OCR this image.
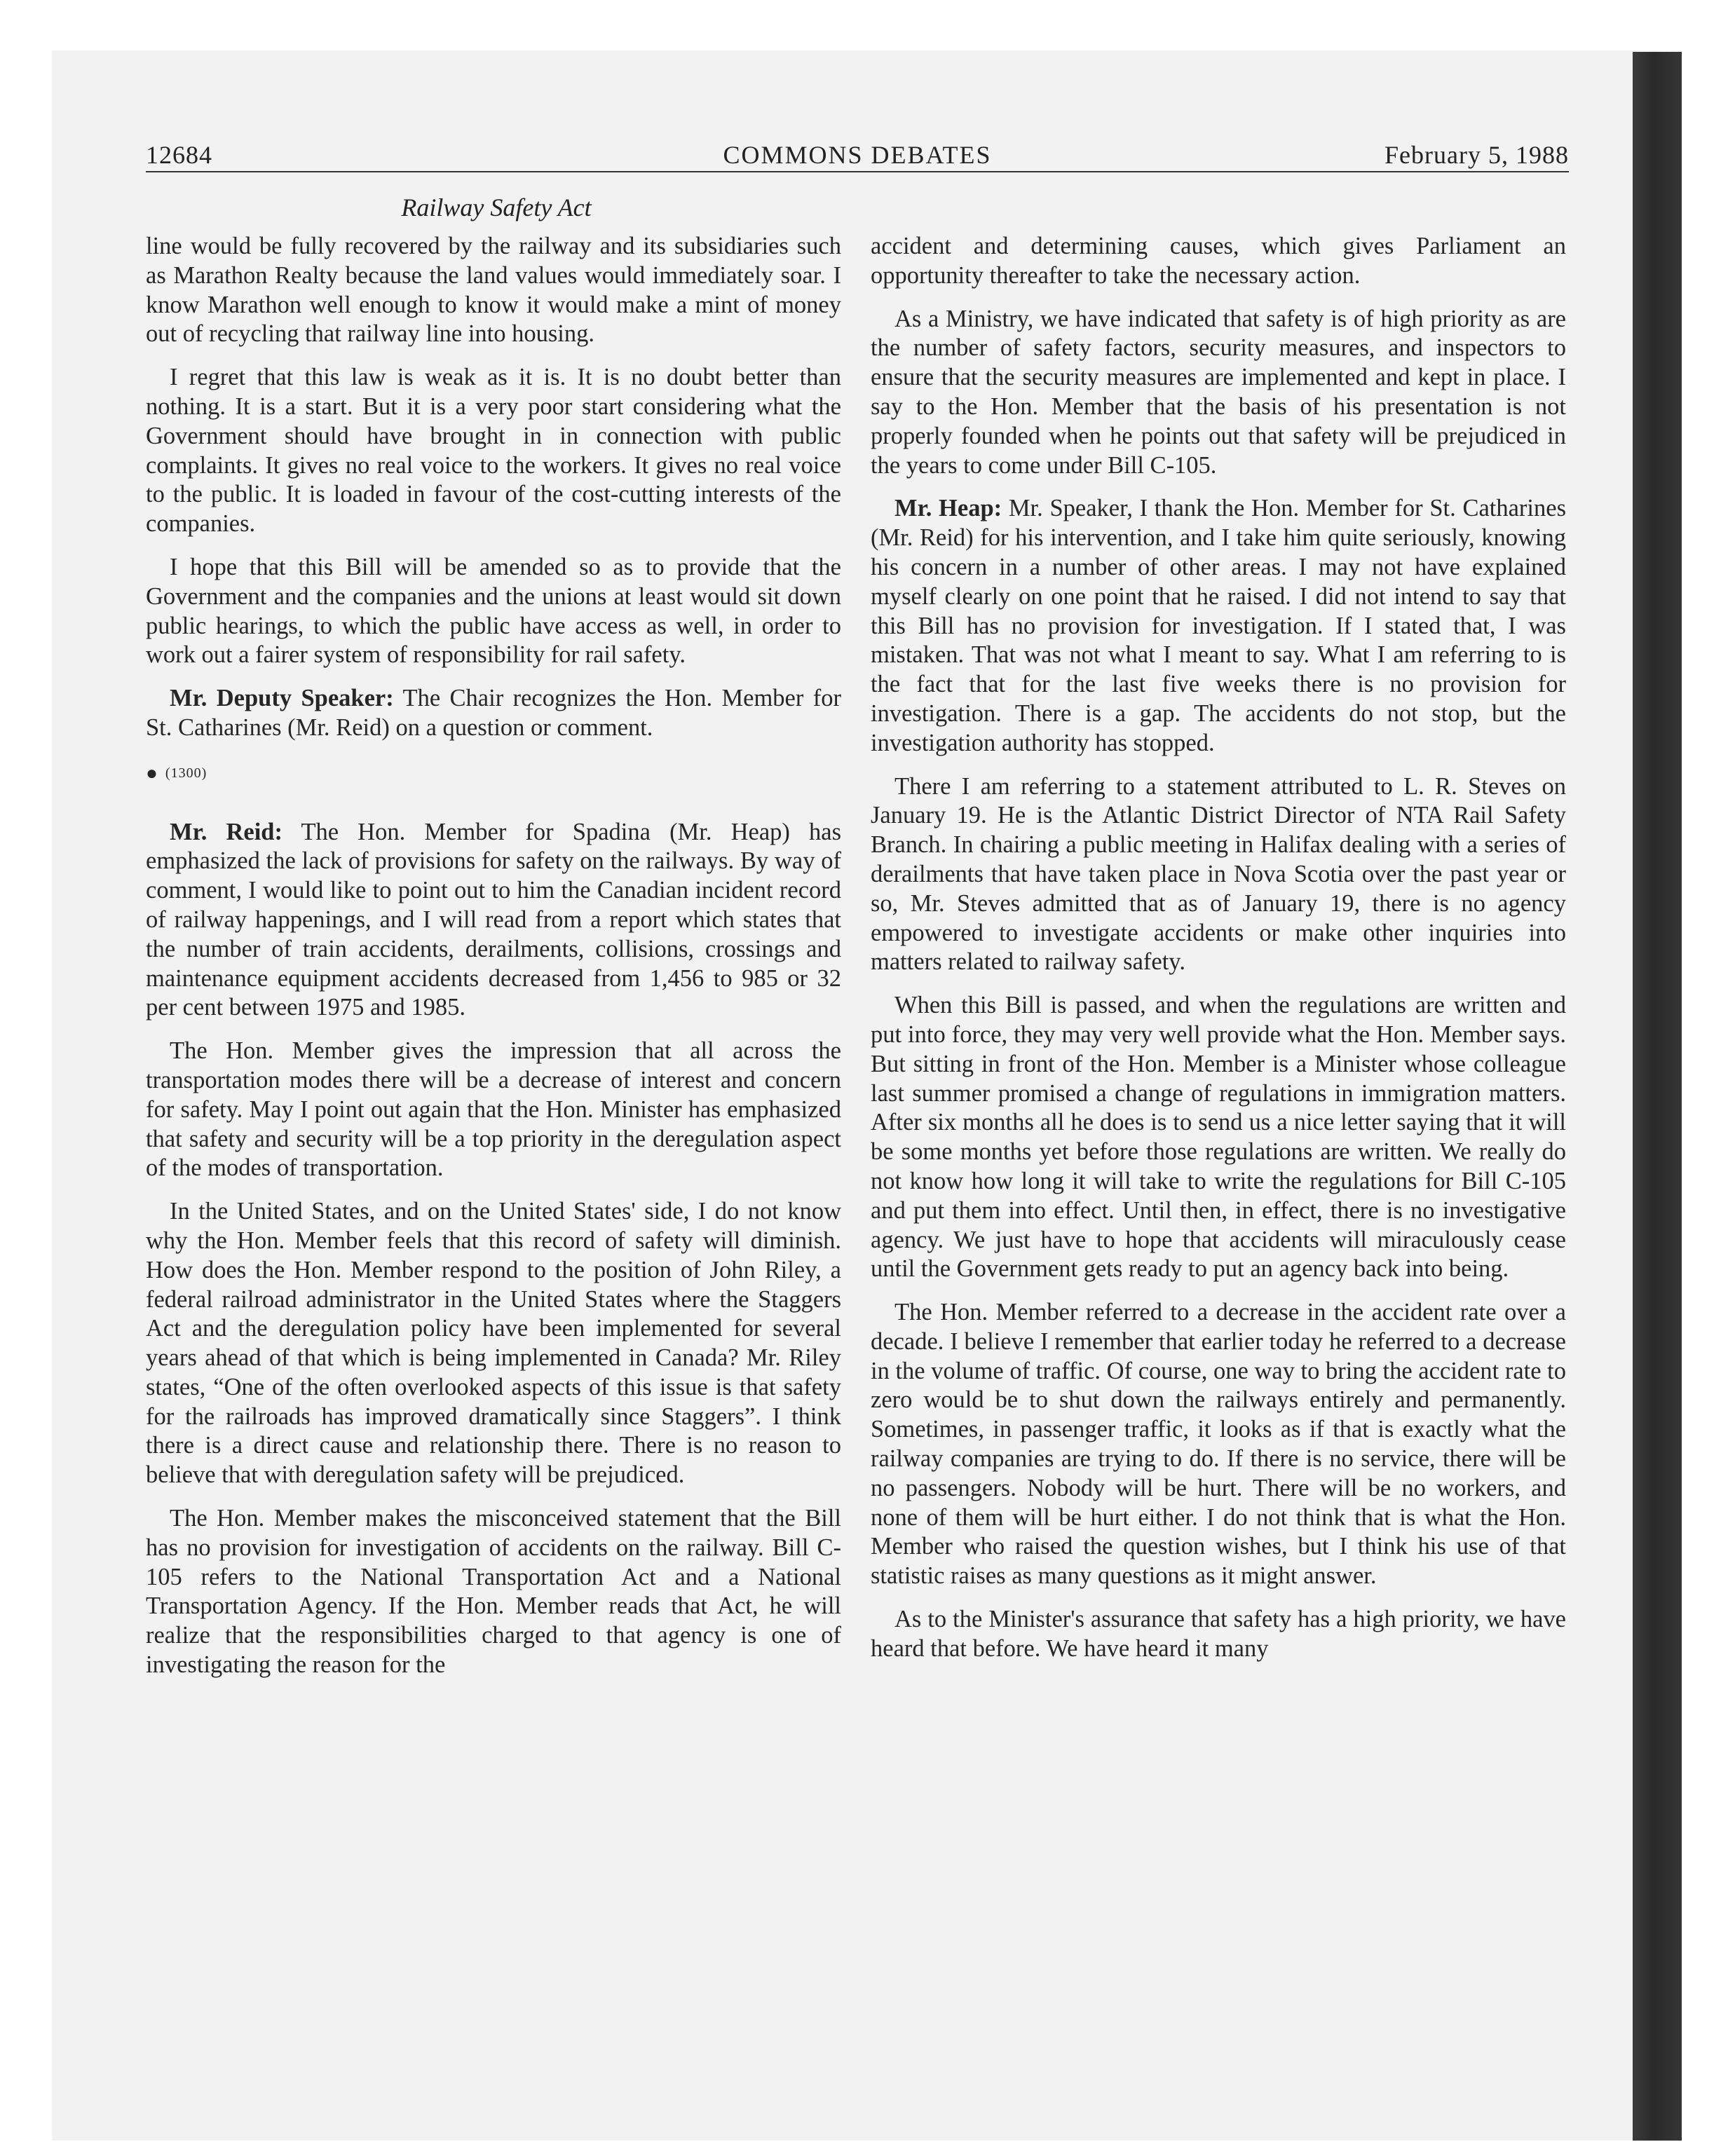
12684	COMMONS DEBATES	February 5, 1988
Railway Safety Act

line would be fully recovered by the railway and its subsidiaries such as Marathon Realty because the land values would immediately soar. I know Marathon well enough to know it would make a mint of money out of recycling that railway line into housing.

I regret that this law is weak as it is. It is no doubt better than nothing. It is a start. But it is a very poor start considering what the Government should have brought in in connection with public complaints. It gives no real voice to the workers. It gives no real voice to the public. It is loaded in favour of the cost-cutting interests of the companies.

I hope that this Bill will be amended so as to provide that the Government and the companies and the unions at least would sit down public hearings, to which the public have access as well, in order to work out a fairer system of responsibility for rail safety.

Mr. Deputy Speaker: The Chair recognizes the Hon. Member for St. Catharines (Mr. Reid) on a question or comment.

● (1300)

Mr. Reid: The Hon. Member for Spadina (Mr. Heap) has emphasized the lack of provisions for safety on the railways. By way of comment, I would like to point out to him the Canadian incident record of railway happenings, and I will read from a report which states that the number of train accidents, derailments, collisions, crossings and maintenance equipment accidents decreased from 1,456 to 985 or 32 per cent between 1975 and 1985.

The Hon. Member gives the impression that all across the transportation modes there will be a decrease of interest and concern for safety. May I point out again that the Hon. Minister has emphasized that safety and security will be a top priority in the deregulation aspect of the modes of transportation.

In the United States, and on the United States' side, I do not know why the Hon. Member feels that this record of safety will diminish. How does the Hon. Member respond to the position of John Riley, a federal railroad administrator in the United States where the Staggers Act and the deregulation policy have been implemented for several years ahead of that which is being implemented in Canada? Mr. Riley states, “One of the often overlooked aspects of this issue is that safety for the railroads has improved dramatically since Staggers”. I think there is a direct cause and relationship there. There is no reason to believe that with deregulation safety will be prejudiced.

The Hon. Member makes the misconceived statement that the Bill has no provision for investigation of accidents on the railway. Bill C-105 refers to the National Transportation Act and a National Transportation Agency. If the Hon. Member reads that Act, he will realize that the responsibilities charged to that agency is one of investigating the reason for the

accident and determining causes, which gives Parliament an opportunity thereafter to take the necessary action.

As a Ministry, we have indicated that safety is of high priority as are the number of safety factors, security measures, and inspectors to ensure that the security measures are implemented and kept in place. I say to the Hon. Member that the basis of his presentation is not properly founded when he points out that safety will be prejudiced in the years to come under Bill C-105.

Mr. Heap: Mr. Speaker, I thank the Hon. Member for St. Catharines (Mr. Reid) for his intervention, and I take him quite seriously, knowing his concern in a number of other areas. I may not have explained myself clearly on one point that he raised. I did not intend to say that this Bill has no provision for investigation. If I stated that, I was mistaken. That was not what I meant to say. What I am referring to is the fact that for the last five weeks there is no provision for investigation. There is a gap. The accidents do not stop, but the investigation authority has stopped.

There I am referring to a statement attributed to L. R. Steves on January 19. He is the Atlantic District Director of NTA Rail Safety Branch. In chairing a public meeting in Halifax dealing with a series of derailments that have taken place in Nova Scotia over the past year or so, Mr. Steves admitted that as of January 19, there is no agency empowered to investigate accidents or make other inquiries into matters related to railway safety.

When this Bill is passed, and when the regulations are written and put into force, they may very well provide what the Hon. Member says. But sitting in front of the Hon. Member is a Minister whose colleague last summer promised a change of regulations in immigration matters. After six months all he does is to send us a nice letter saying that it will be some months yet before those regulations are written. We really do not know how long it will take to write the regulations for Bill C-105 and put them into effect. Until then, in effect, there is no investigative agency. We just have to hope that accidents will miraculously cease until the Government gets ready to put an agency back into being.

The Hon. Member referred to a decrease in the accident rate over a decade. I believe I remember that earlier today he referred to a decrease in the volume of traffic. Of course, one way to bring the accident rate to zero would be to shut down the railways entirely and permanently. Sometimes, in passenger traffic, it looks as if that is exactly what the railway companies are trying to do. If there is no service, there will be no passengers. Nobody will be hurt. There will be no workers, and none of them will be hurt either. I do not think that is what the Hon. Member who raised the question wishes, but I think his use of that statistic raises as many questions as it might answer.

As to the Minister's assurance that safety has a high priority, we have heard that before. We have heard it many
